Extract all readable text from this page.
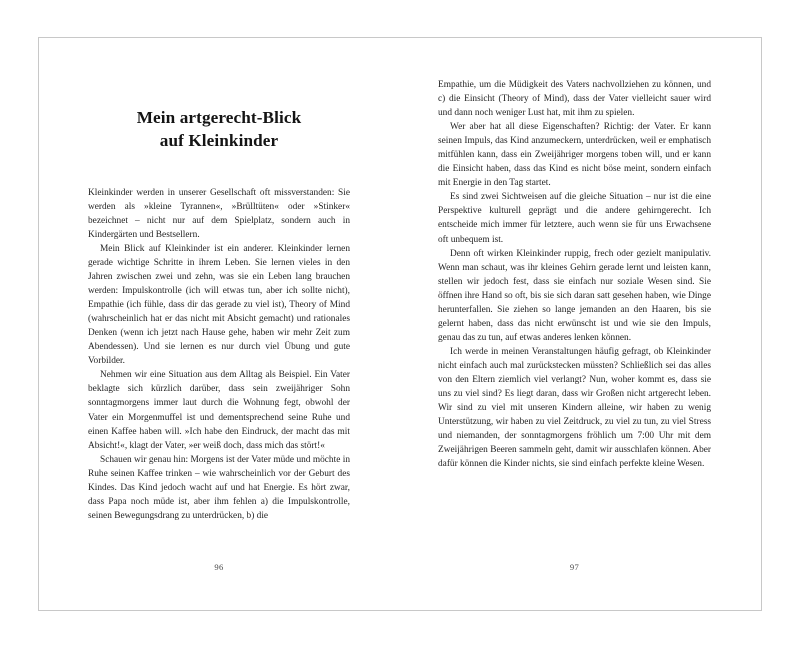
Mein artgerecht-Blick
auf Kleinkinder

Kleinkinder werden in unserer Gesellschaft oft missverstanden: Sie werden als »kleine Tyrannen«, »Brülltüten« oder »Stinker« bezeichnet – nicht nur auf dem Spielplatz, sondern auch in Kindergärten und Bestsellern.

Mein Blick auf Kleinkinder ist ein anderer. Kleinkinder lernen gerade wichtige Schritte in ihrem Leben. Sie lernen vieles in den Jahren zwischen zwei und zehn, was sie ein Leben lang brauchen werden: Impulskontrolle (ich will etwas tun, aber ich sollte nicht), Empathie (ich fühle, dass dir das gerade zu viel ist), Theory of Mind (wahrscheinlich hat er das nicht mit Absicht gemacht) und rationales Denken (wenn ich jetzt nach Hause gehe, haben wir mehr Zeit zum Abendessen). Und sie lernen es nur durch viel Übung und gute Vorbilder.

Nehmen wir eine Situation aus dem Alltag als Beispiel. Ein Vater beklagte sich kürzlich darüber, dass sein zweijähriger Sohn sonntagmorgens immer laut durch die Wohnung fegt, obwohl der Vater ein Morgenmuffel ist und dementsprechend seine Ruhe und einen Kaffee haben will. »Ich habe den Eindruck, der macht das mit Absicht!«, klagt der Vater, »er weiß doch, dass mich das stört!«

Schauen wir genau hin: Morgens ist der Vater müde und möchte in Ruhe seinen Kaffee trinken – wie wahrscheinlich vor der Geburt des Kindes. Das Kind jedoch wacht auf und hat Energie. Es hört zwar, dass Papa noch müde ist, aber ihm fehlen a) die Impulskontrolle, seinen Bewegungsdrang zu unterdrücken, b) die

96

Empathie, um die Müdigkeit des Vaters nachvollziehen zu können, und c) die Einsicht (Theory of Mind), dass der Vater vielleicht sauer wird und dann noch weniger Lust hat, mit ihm zu spielen.

Wer aber hat all diese Eigenschaften? Richtig: der Vater. Er kann seinen Impuls, das Kind anzumeckern, unterdrücken, weil er emphatisch mitfühlen kann, dass ein Zweijähriger morgens toben will, und er kann die Einsicht haben, dass das Kind es nicht böse meint, sondern einfach mit Energie in den Tag startet.

Es sind zwei Sichtweisen auf die gleiche Situation – nur ist die eine Perspektive kulturell geprägt und die andere gehirngerecht. Ich entscheide mich immer für letztere, auch wenn sie für uns Erwachsene oft unbequem ist.

Denn oft wirken Kleinkinder ruppig, frech oder gezielt manipulativ. Wenn man schaut, was ihr kleines Gehirn gerade lernt und leisten kann, stellen wir jedoch fest, dass sie einfach nur soziale Wesen sind. Sie öffnen ihre Hand so oft, bis sie sich daran satt gesehen haben, wie Dinge herunterfallen. Sie ziehen so lange jemanden an den Haaren, bis sie gelernt haben, dass das nicht erwünscht ist und wie sie den Impuls, genau das zu tun, auf etwas anderes lenken können.

Ich werde in meinen Veranstaltungen häufig gefragt, ob Kleinkinder nicht einfach auch mal zurückstecken müssten? Schließlich sei das alles von den Eltern ziemlich viel verlangt? Nun, woher kommt es, dass sie uns zu viel sind? Es liegt daran, dass wir Großen nicht artgerecht leben. Wir sind zu viel mit unseren Kindern alleine, wir haben zu wenig Unterstützung, wir haben zu viel Zeitdruck, zu viel zu tun, zu viel Stress und niemanden, der sonntagmorgens fröhlich um 7:00 Uhr mit dem Zweijährigen Beeren sammeln geht, damit wir ausschlafen können. Aber dafür können die Kinder nichts, sie sind einfach perfekte kleine Wesen.

97
